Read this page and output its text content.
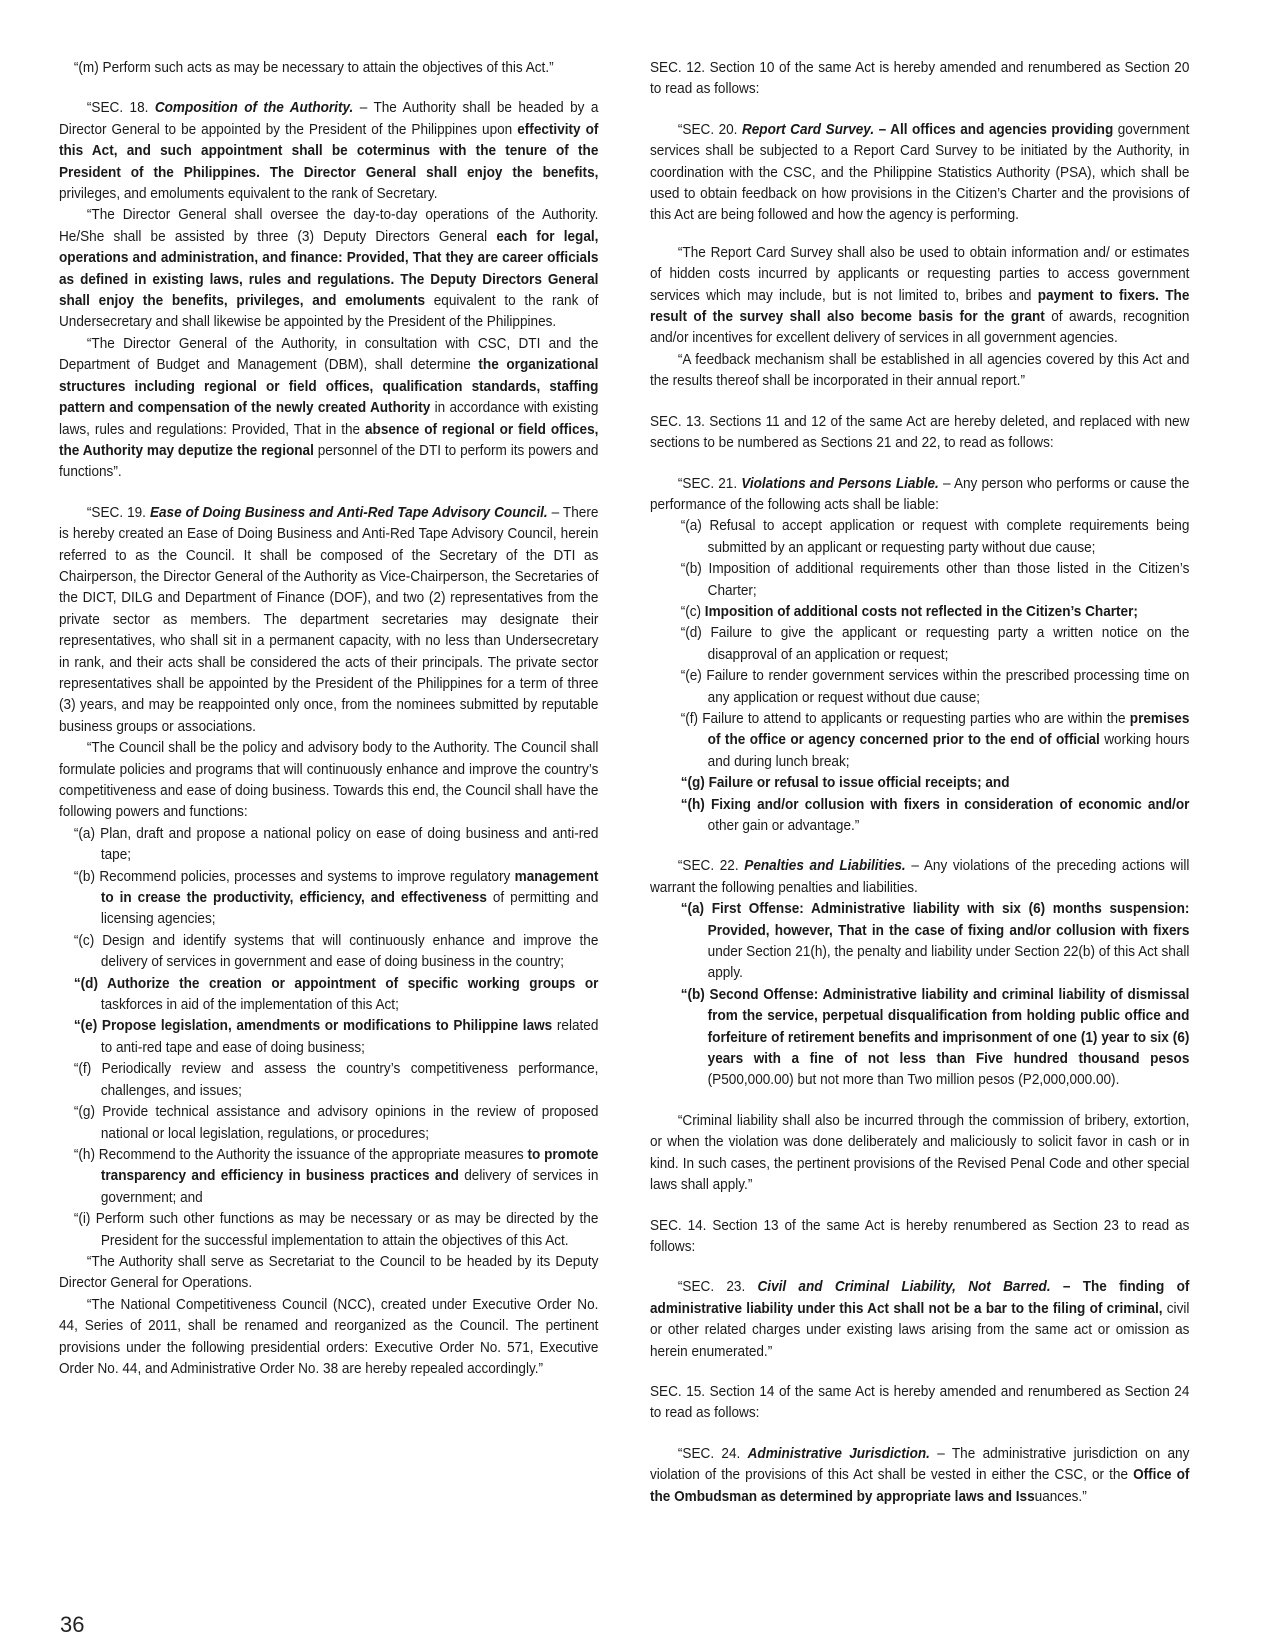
“(m) Perform such acts as may be necessary to attain the objectives of this Act.”

“SEC. 18. Composition of the Authority. – The Authority shall be headed by a Director General to be appointed by the President of the Philippines upon effectivity of this Act, and such appointment shall be coterminus with the tenure of the President of the Philippines. The Director General shall enjoy the benefits, privileges, and emoluments equivalent to the rank of Secretary.

“The Director General shall oversee the day-to-day operations of the Authority. He/She shall be assisted by three (3) Deputy Directors General each for legal, operations and administration, and finance: Provided, That they are career officials as defined in existing laws, rules and regulations. The Deputy Directors General shall enjoy the benefits, privileges, and emoluments equivalent to the rank of Undersecretary and shall likewise be appointed by the President of the Philippines.

“The Director General of the Authority, in consultation with CSC, DTI and the Department of Budget and Management (DBM), shall determine the organizational structures including regional or field offices, qualification standards, staffing pattern and compensation of the newly created Authority in accordance with existing laws, rules and regulations: Provided, That in the absence of regional or field offices, the Authority may deputize the regional personnel of the DTI to perform its powers and functions”.

“SEC. 19. Ease of Doing Business and Anti-Red Tape Advisory Council. – There is hereby created an Ease of Doing Business and Anti-Red Tape Advisory Council, herein referred to as the Council. It shall be composed of the Secretary of the DTI as Chairperson, the Director General of the Authority as Vice-Chairperson, the Secretaries of the DICT, DILG and Department of Finance (DOF), and two (2) representatives from the private sector as members. The department secretaries may designate their representatives, who shall sit in a permanent capacity, with no less than Undersecretary in rank, and their acts shall be considered the acts of their principals. The private sector representatives shall be appointed by the President of the Philippines for a term of three (3) years, and may be reappointed only once, from the nominees submitted by reputable business groups or associations.

“The Council shall be the policy and advisory body to the Authority. The Council shall formulate policies and programs that will continuously enhance and improve the country’s competitiveness and ease of doing business. Towards this end, the Council shall have the following powers and functions:

“(a) Plan, draft and propose a national policy on ease of doing business and anti-red tape;

“(b) Recommend policies, processes and systems to improve regulatory management to in crease the productivity, efficiency, and effectiveness of permitting and licensing agencies;

“(c) Design and identify systems that will continuously enhance and improve the delivery of services in government and ease of doing business in the country;

“(d) Authorize the creation or appointment of specific working groups or taskforces in aid of the implementation of this Act;

“(e) Propose legislation, amendments or modifications to Philippine laws related to anti-red tape and ease of doing business;

“(f) Periodically review and assess the country’s competitiveness performance, challenges, and issues;

“(g) Provide technical assistance and advisory opinions in the review of proposed national or local legislation, regulations, or procedures;

“(h) Recommend to the Authority the issuance of the appropriate measures to promote transparency and efficiency in business practices and delivery of services in government; and

“(i) Perform such other functions as may be necessary or as may be directed by the President for the successful implementation to attain the objectives of this Act.

“The Authority shall serve as Secretariat to the Council to be headed by its Deputy Director General for Operations.

“The National Competitiveness Council (NCC), created under Executive Order No. 44, Series of 2011, shall be renamed and reorganized as the Council. The pertinent provisions under the following presidential orders: Executive Order No. 571, Executive Order No. 44, and Administrative Order No. 38 are hereby repealed accordingly.”

SEC. 12. Section 10 of the same Act is hereby amended and renumbered as Section 20 to read as follows:

“SEC. 20. Report Card Survey. – All offices and agencies providing government services shall be subjected to a Report Card Survey to be initiated by the Authority, in coordination with the CSC, and the Philippine Statistics Authority (PSA), which shall be used to obtain feedback on how provisions in the Citizen’s Charter and the provisions of this Act are being followed and how the agency is performing.

“The Report Card Survey shall also be used to obtain information and/ or estimates of hidden costs incurred by applicants or requesting parties to access government services which may include, but is not limited to, bribes and payment to fixers. The result of the survey shall also become basis for the grant of awards, recognition and/or incentives for excellent delivery of services in all government agencies.

“A feedback mechanism shall be established in all agencies covered by this Act and the results thereof shall be incorporated in their annual report.”

SEC. 13. Sections 11 and 12 of the same Act are hereby deleted, and replaced with new sections to be numbered as Sections 21 and 22, to read as follows:

“SEC. 21. Violations and Persons Liable. – Any person who performs or cause the performance of the following acts shall be liable:

“(a) Refusal to accept application or request with complete requirements being submitted by an applicant or requesting party without due cause;

“(b) Imposition of additional requirements other than those listed in the Citizen’s Charter;

“(c) Imposition of additional costs not reflected in the Citizen’s Charter;

“(d) Failure to give the applicant or requesting party a written notice on the disapproval of an application or request;

“(e) Failure to render government services within the prescribed processing time on any application or request without due cause;

“(f) Failure to attend to applicants or requesting parties who are within the premises of the office or agency concerned prior to the end of official working hours and during lunch break;

“(g) Failure or refusal to issue official receipts; and

“(h) Fixing and/or collusion with fixers in consideration of economic and/or other gain or advantage.”

“SEC. 22. Penalties and Liabilities. – Any violations of the preceding actions will warrant the following penalties and liabilities.

“(a) First Offense: Administrative liability with six (6) months suspension: Provided, however, That in the case of fixing and/or collusion with fixers under Section 21(h), the penalty and liability under Section 22(b) of this Act shall apply.

“(b) Second Offense: Administrative liability and criminal liability of dismissal from the service, perpetual disqualification from holding public office and forfeiture of retirement benefits and imprisonment of one (1) year to six (6) years with a fine of not less than Five hundred thousand pesos (P500,000.00) but not more than Two million pesos (P2,000,000.00).

“Criminal liability shall also be incurred through the commission of bribery, extortion, or when the violation was done deliberately and maliciously to solicit favor in cash or in kind. In such cases, the pertinent provisions of the Revised Penal Code and other special laws shall apply.”

SEC. 14. Section 13 of the same Act is hereby renumbered as Section 23 to read as follows:

“SEC. 23. Civil and Criminal Liability, Not Barred. – The finding of administrative liability under this Act shall not be a bar to the filing of criminal, civil or other related charges under existing laws arising from the same act or omission as herein enumerated.”

SEC. 15. Section 14 of the same Act is hereby amended and renumbered as Section 24 to read as follows:

“SEC. 24. Administrative Jurisdiction. – The administrative jurisdiction on any violation of the provisions of this Act shall be vested in either the CSC, or the Office of the Ombudsman as determined by appropriate laws and Issuances.”

36
